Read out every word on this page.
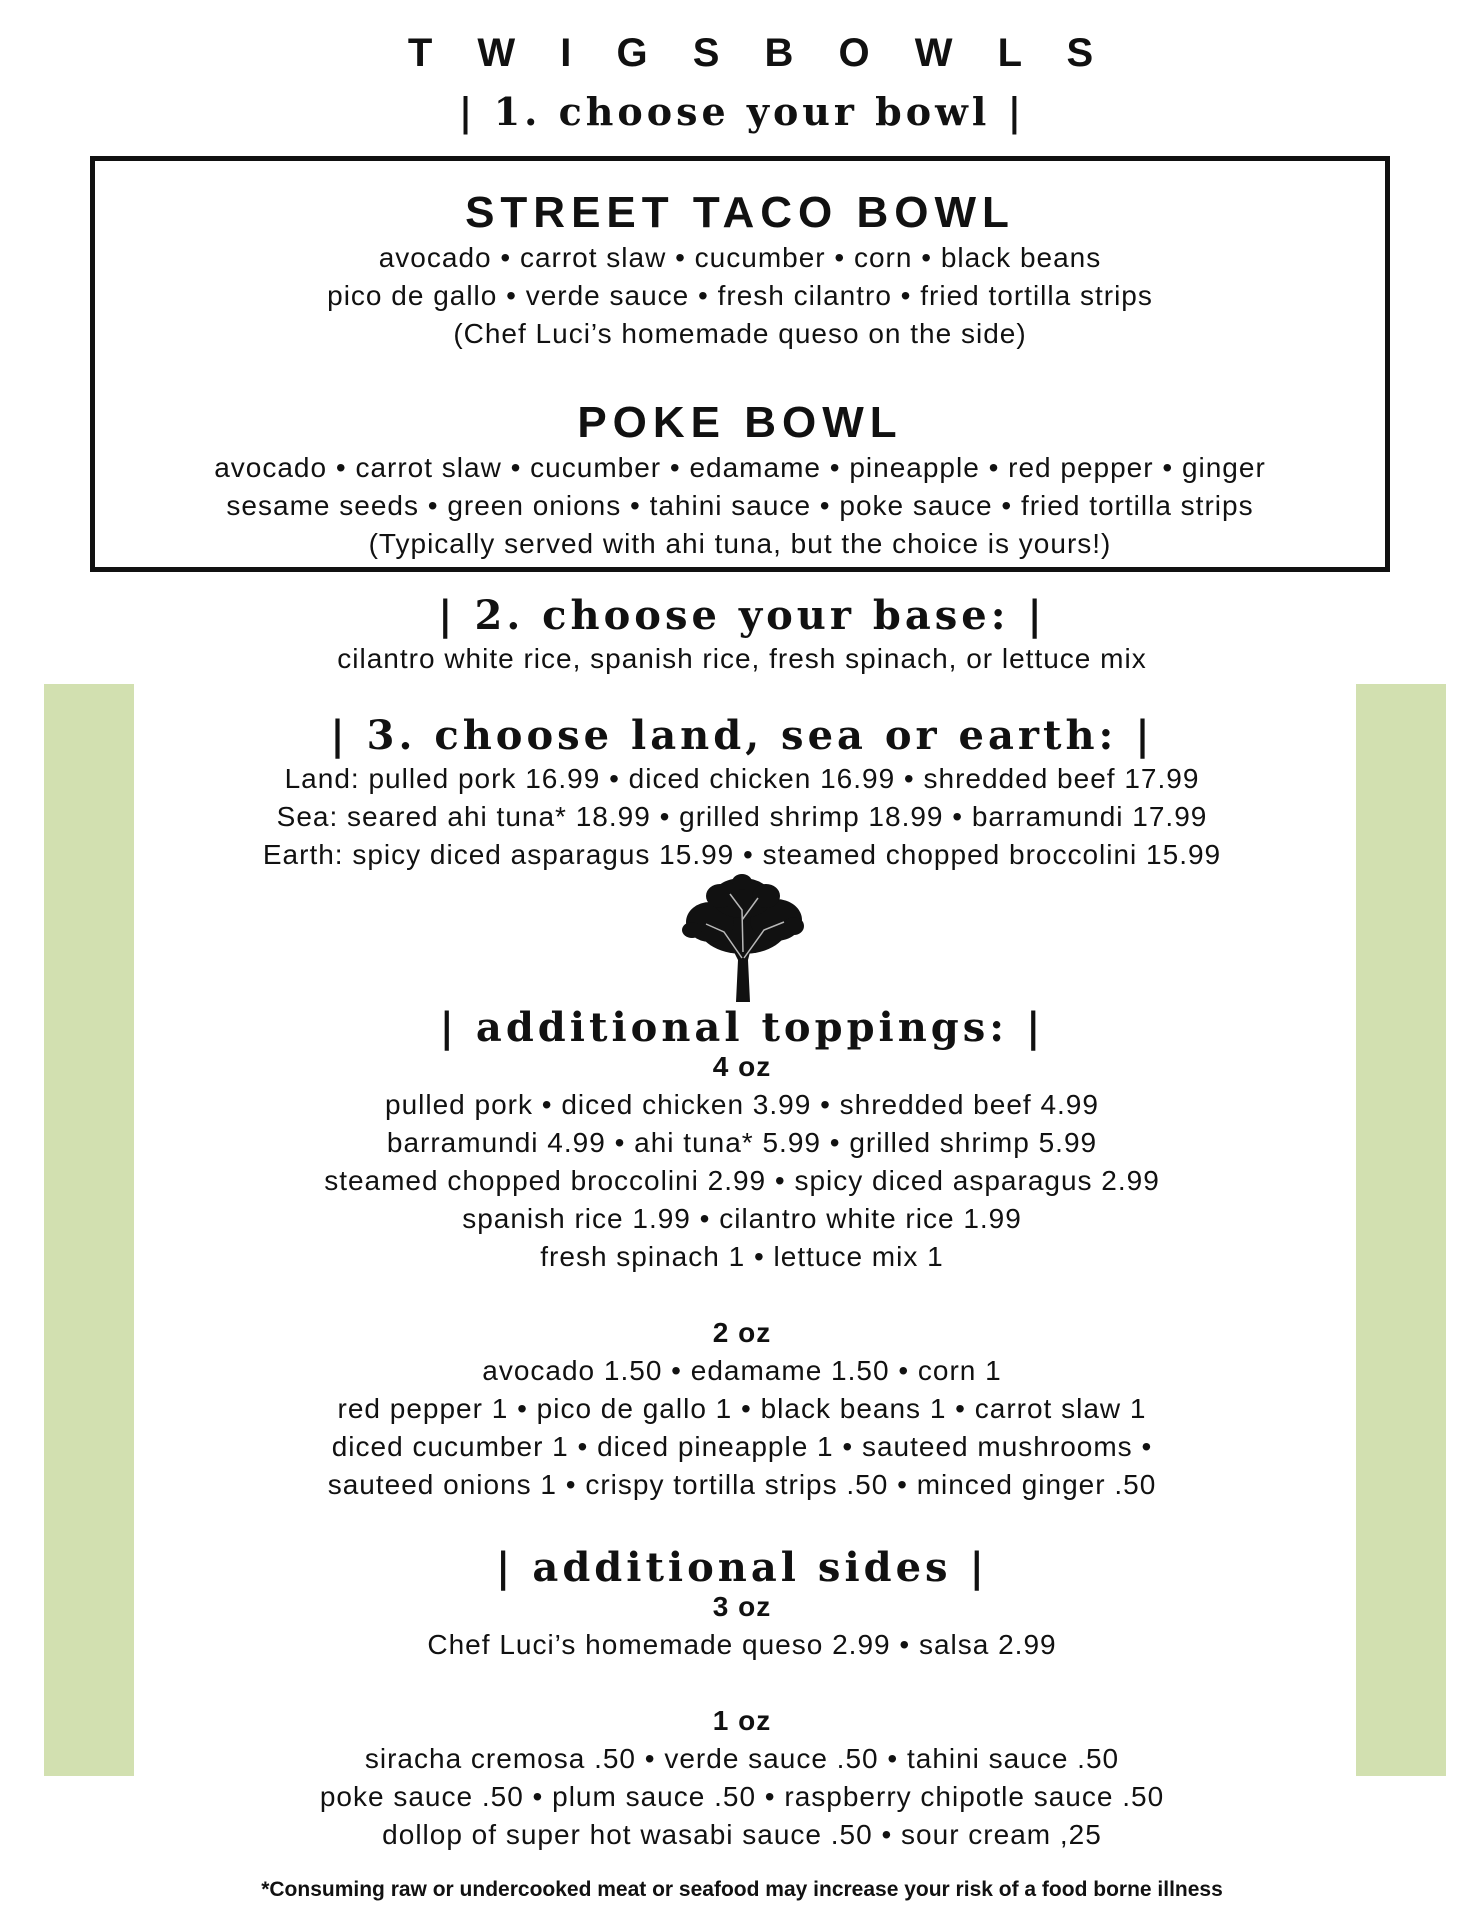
T W I G S B O W L S
| 1. choose your bowl |
STREET TACO BOWL
avocado • carrot slaw • cucumber • corn • black beans
pico de gallo • verde sauce • fresh cilantro • fried tortilla strips
(Chef Luci’s homemade queso on the side)
POKE BOWL
avocado • carrot slaw • cucumber • edamame • pineapple • red pepper • ginger
sesame seeds • green onions • tahini sauce • poke sauce • fried tortilla strips
(Typically served with ahi tuna, but the choice is yours!)
| 2. choose your base: |
cilantro white rice, spanish rice, fresh spinach, or lettuce mix
| 3. choose land, sea or earth: |
Land: pulled pork 16.99 • diced chicken 16.99 • shredded beef 17.99
Sea: seared ahi tuna* 18.99 • grilled shrimp 18.99 • barramundi 17.99
Earth: spicy diced asparagus 15.99 • steamed chopped broccolini 15.99
| additional toppings: |
4 oz
pulled pork • diced chicken 3.99 • shredded beef 4.99
barramundi 4.99 • ahi tuna* 5.99 • grilled shrimp 5.99
steamed chopped broccolini 2.99 • spicy diced asparagus 2.99
spanish rice 1.99 • cilantro white rice 1.99
fresh spinach 1 • lettuce mix 1
2 oz
avocado 1.50 • edamame 1.50 • corn 1
red pepper 1 • pico de gallo 1 • black beans 1 • carrot slaw 1
diced cucumber 1 • diced pineapple 1 • sauteed mushrooms •
sauteed onions 1 • crispy tortilla strips .50 • minced ginger .50
| additional sides |
3 oz
Chef Luci’s homemade queso 2.99 • salsa 2.99
1 oz
siracha cremosa .50 • verde sauce .50 • tahini sauce .50
poke sauce .50 • plum sauce .50 • raspberry chipotle sauce .50
dollop of super hot wasabi sauce .50 • sour cream ,25
*Consuming raw or undercooked meat or seafood may increase your risk of a food borne illness
